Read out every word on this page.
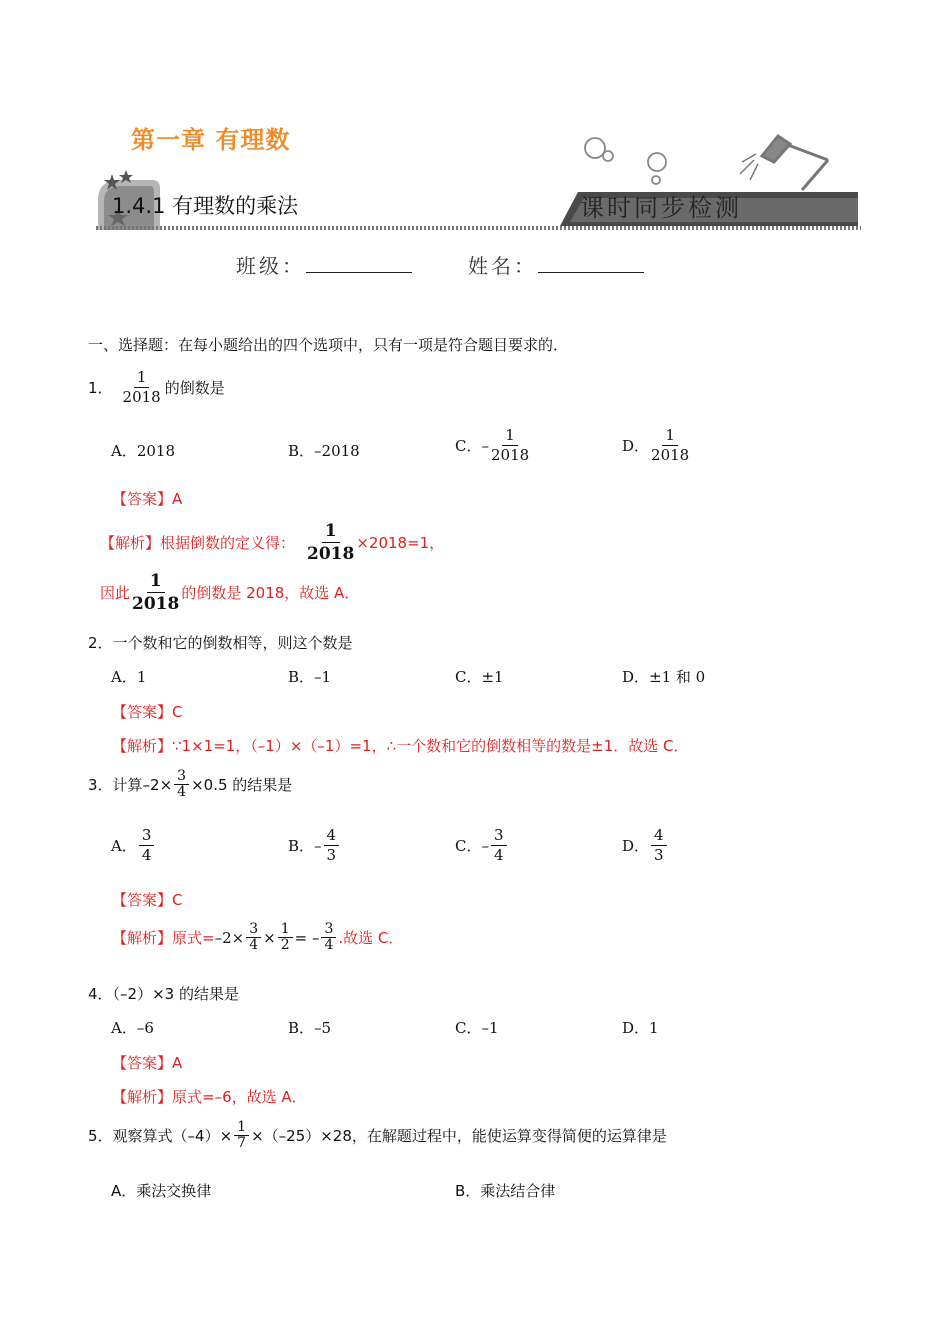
第一章 有理数
1.4.1 有理数的乘法	课时同步检测
班级：	姓名：
一、选择题：在每小题给出的四个选项中，只有一项是符合题目要求的．
1． $\frac{1}{2018}$ 的倒数是
A．2018	B．–2018	C．– $\frac{1}{2018}$	D． $\frac{1}{2018}$
【答案】A
【解析】根据倒数的定义得： $\frac{1}{2018} \times 2018=1$，
因此 $\frac{1}{2018}$ 的倒数是 2018，故选 A．
2．一个数和它的倒数相等，则这个数是
A．1	B．–1	C．±1	D．±1 和 0
【答案】C
【解析】∵1×1=1，（–1）×（–1）=1，∴一个数和它的倒数相等的数是±1．故选 C．
3．计算$-2\times \frac{3}{4} \times 0.5$ 的结果是
A． $\frac{3}{4}$	B．– $\frac{4}{3}$	C．– $\frac{3}{4}$	D． $\frac{4}{3}$
【答案】C
【解析】原式= $-2\times \frac{3}{4} \times \frac{1}{2}$ = – $\frac{3}{4}$ .故选 C．
4．（–2）×3 的结果是
A．–6	B．–5	C．–1	D．1
【答案】A
【解析】原式=–6，故选 A．
5．观察算式$(-4)\times \frac{1}{7} \times(-25)\times 28$，在解题过程中，能使运算变得简便的运算律是
A．乘法交换律	B．乘法结合律
